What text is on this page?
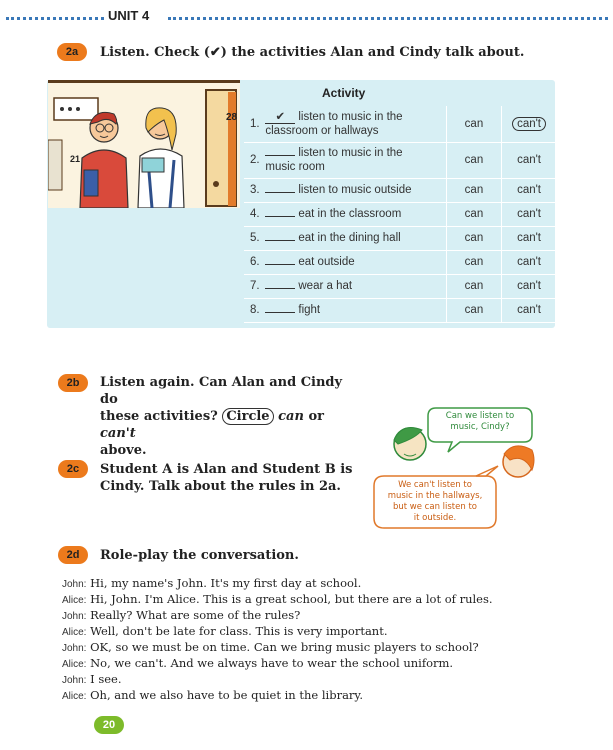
UNIT 4
2a	Listen. Check (✔) the activities Alan and Cindy talk about.
21
28
Activity
1.	✔ listen to music in the
classroom or hallways	can	can't
2.	listen to music in the
music room	can	can't
3.	listen to music outside	can	can't
4.	eat in the classroom	can	can't
5.	eat in the dining hall	can	can't
6.	eat outside	can	can't
7.	wear a hat	can	can't
8.	fight	can	can't
2b	Listen again. Can Alan and Cindy do
these activities? Circle can or can't
above.
2c	Student A is Alan and Student B is
Cindy. Talk about the rules in 2a.
Can we listen to
music, Cindy?
We can't listen to
music in the hallways,
but we can listen to
it outside.
2d	Role-play the conversation.
John: Hi, my name's John. It's my first day at school.
Alice: Hi, John. I'm Alice. This is a great school, but there are a lot of rules.
John: Really? What are some of the rules?
Alice: Well, don't be late for class. This is very important.
John: OK, so we must be on time. Can we bring music players to school?
Alice: No, we can't. And we always have to wear the school uniform.
John: I see.
Alice: Oh, and we also have to be quiet in the library.
20
